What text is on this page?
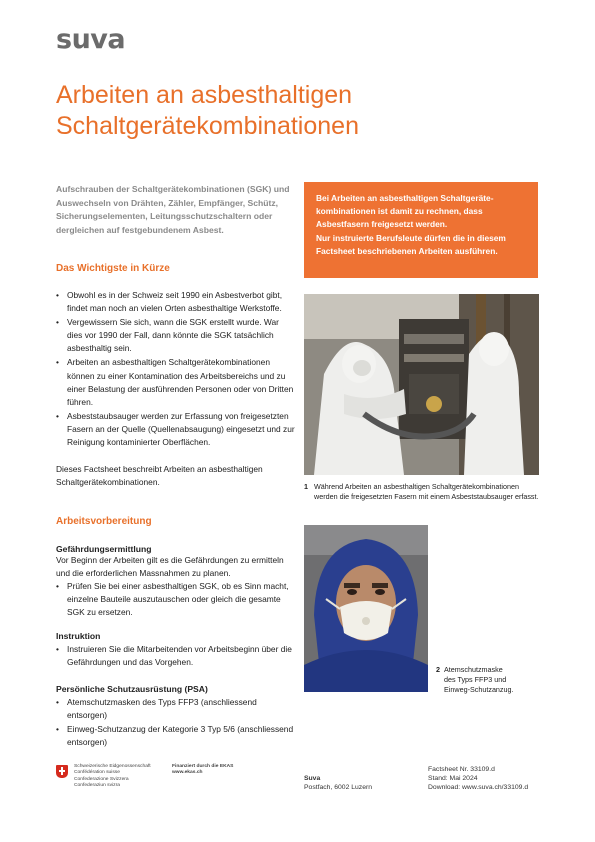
suva
Arbeiten an asbesthaltigen
Schaltgerätekombinationen
Aufschrauben der Schaltgerätekombinationen (SGK) und Auswechseln von Drähten, Zähler, Empfänger, Schütz, Sicherungselementen, Leitungsschutzschaltern oder dergleichen auf festgebundenem Asbest.
Bei Arbeiten an asbesthaltigen Schaltgerätekombinationen ist damit zu rechnen, dass Asbestfasern freigesetzt werden.
Nur instruierte Berufsleute dürfen die in diesem Factsheet beschriebenen Arbeiten ausführen.
Das Wichtigste in Kürze
• Obwohl es in der Schweiz seit 1990 ein Asbestverbot gibt, findet man noch an vielen Orten asbesthaltige Werkstoffe.
• Vergewissern Sie sich, wann die SGK erstellt wurde. War dies vor 1990 der Fall, dann könnte die SGK tatsächlich asbesthaltig sein.
• Arbeiten an asbesthaltigen Schaltgerätekombinationen können zu einer Kontamination des Arbeitsbereichs und zu einer Belastung der ausführenden Personen oder von Dritten führen.
• Asbeststaubsauger werden zur Erfassung von freigesetzten Fasern an der Quelle (Quellenabsaugung) eingesetzt und zur Reinigung kontaminierter Oberflächen.
Dieses Factsheet beschreibt Arbeiten an asbesthaltigen Schaltgerätekombinationen.
Arbeitsvorbereitung
Gefährdungsermittlung
Vor Beginn der Arbeiten gilt es die Gefährdungen zu ermitteln und die erforderlichen Massnahmen zu planen.
• Prüfen Sie bei einer asbesthaltigen SGK, ob es Sinn macht, einzelne Bauteile auszutauschen oder gleich die gesamte SGK zu ersetzen.
Instruktion
• Instruieren Sie die Mitarbeitenden vor Arbeitsbeginn über die Gefährdungen und das Vorgehen.
Persönliche Schutzausrüstung (PSA)
• Atemschutzmasken des Typs FFP3 (anschliessend entsorgen)
• Einweg-Schutzanzug der Kategorie 3 Typ 5/6 (anschliessend entsorgen)
1 Während Arbeiten an asbesthaltigen Schaltgerätekombinationen werden die freigesetzten Fasern mit einem Asbeststaubsauger erfasst.
2 Atemschutzmaske
des Typs FFP3 und
Einweg-Schutzanzug.
Schweizerische Eidgenossenschaft
Confédération suisse
Confederazione Svizzera
Confederaziun svizra
Finanziert durch die EKAS
www.ekas.ch
Suva
Postfach, 6002 Luzern
Factsheet Nr. 33109.d
Stand: Mai 2024
Download: www.suva.ch/33109.d
